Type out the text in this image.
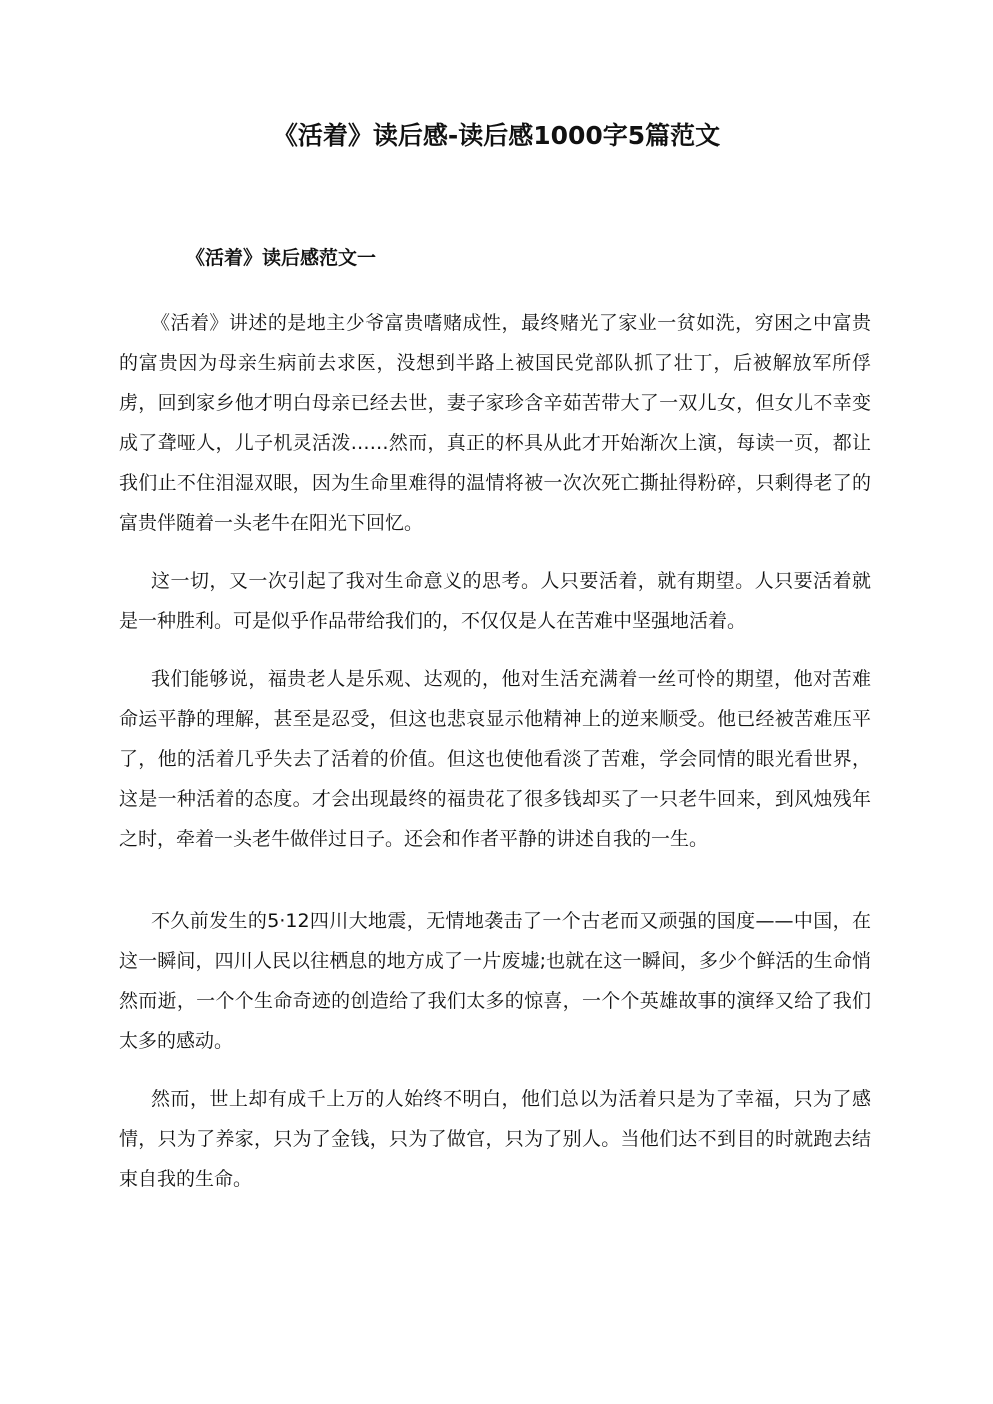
《活着》读后感-读后感1000字5篇范文
《活着》读后感范文一

《活着》讲述的是地主少爷富贵嗜赌成性，最终赌光了家业一贫如洗，穷困之中富贵的富贵因为母亲生病前去求医，没想到半路上被国民党部队抓了壮丁，后被解放军所俘虏，回到家乡他才明白母亲已经去世，妻子家珍含辛茹苦带大了一双儿女，但女儿不幸变成了聋哑人，儿子机灵活泼……然而，真正的杯具从此才开始渐次上演，每读一页，都让我们止不住泪湿双眼，因为生命里难得的温情将被一次次死亡撕扯得粉碎，只剩得老了的富贵伴随着一头老牛在阳光下回忆。

这一切，又一次引起了我对生命意义的思考。人只要活着，就有期望。人只要活着就是一种胜利。可是似乎作品带给我们的，不仅仅是人在苦难中坚强地活着。

我们能够说，福贵老人是乐观、达观的，他对生活充满着一丝可怜的期望，他对苦难命运平静的理解，甚至是忍受，但这也悲哀显示他精神上的逆来顺受。他已经被苦难压平了，他的活着几乎失去了活着的价值。但这也使他看淡了苦难，学会同情的眼光看世界，这是一种活着的态度。才会出现最终的福贵花了很多钱却买了一只老牛回来，到风烛残年之时，牵着一头老牛做伴过日子。还会和作者平静的讲述自我的一生。

不久前发生的5·12四川大地震，无情地袭击了一个古老而又顽强的国度——中国，在这一瞬间，四川人民以往栖息的地方成了一片废墟;也就在这一瞬间，多少个鲜活的生命悄然而逝，一个个生命奇迹的创造给了我们太多的惊喜，一个个英雄故事的演绎又给了我们太多的感动。

然而，世上却有成千上万的人始终不明白，他们总以为活着只是为了幸福，只为了感情，只为了养家，只为了金钱，只为了做官，只为了别人。当他们达不到目的时就跑去结束自我的生命。
